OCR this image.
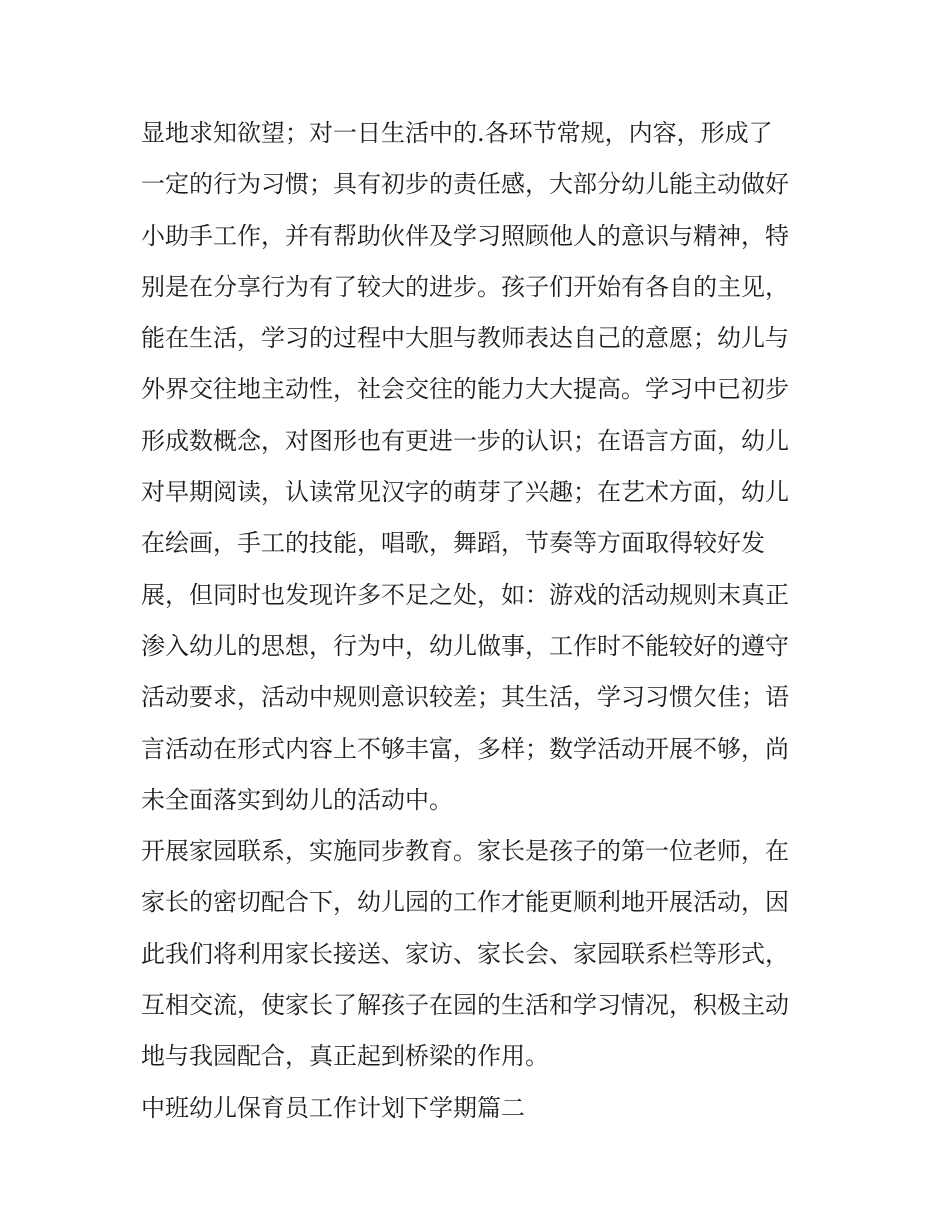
显地求知欲望；对一日生活中的.各环节常规，内容，形成了
一定的行为习惯；具有初步的责任感，大部分幼儿能主动做好
小助手工作，并有帮助伙伴及学习照顾他人的意识与精神，特
别是在分享行为有了较大的进步。孩子们开始有各自的主见，
能在生活，学习的过程中大胆与教师表达自己的意愿；幼儿与
外界交往地主动性，社会交往的能力大大提高。学习中已初步
形成数概念，对图形也有更进一步的认识；在语言方面，幼儿
对早期阅读，认读常见汉字的萌芽了兴趣；在艺术方面，幼儿
在绘画，手工的技能，唱歌，舞蹈，节奏等方面取得较好发
展，但同时也发现许多不足之处，如：游戏的活动规则末真正
渗入幼儿的思想，行为中，幼儿做事，工作时不能较好的遵守
活动要求，活动中规则意识较差；其生活，学习习惯欠佳；语
言活动在形式内容上不够丰富，多样；数学活动开展不够，尚
未全面落实到幼儿的活动中。
开展家园联系，实施同步教育。家长是孩子的第一位老师，在
家长的密切配合下，幼儿园的工作才能更顺利地开展活动，因
此我们将利用家长接送、家访、家长会、家园联系栏等形式，
互相交流，使家长了解孩子在园的生活和学习情况，积极主动
地与我园配合，真正起到桥梁的作用。
中班幼儿保育员工作计划下学期篇二
